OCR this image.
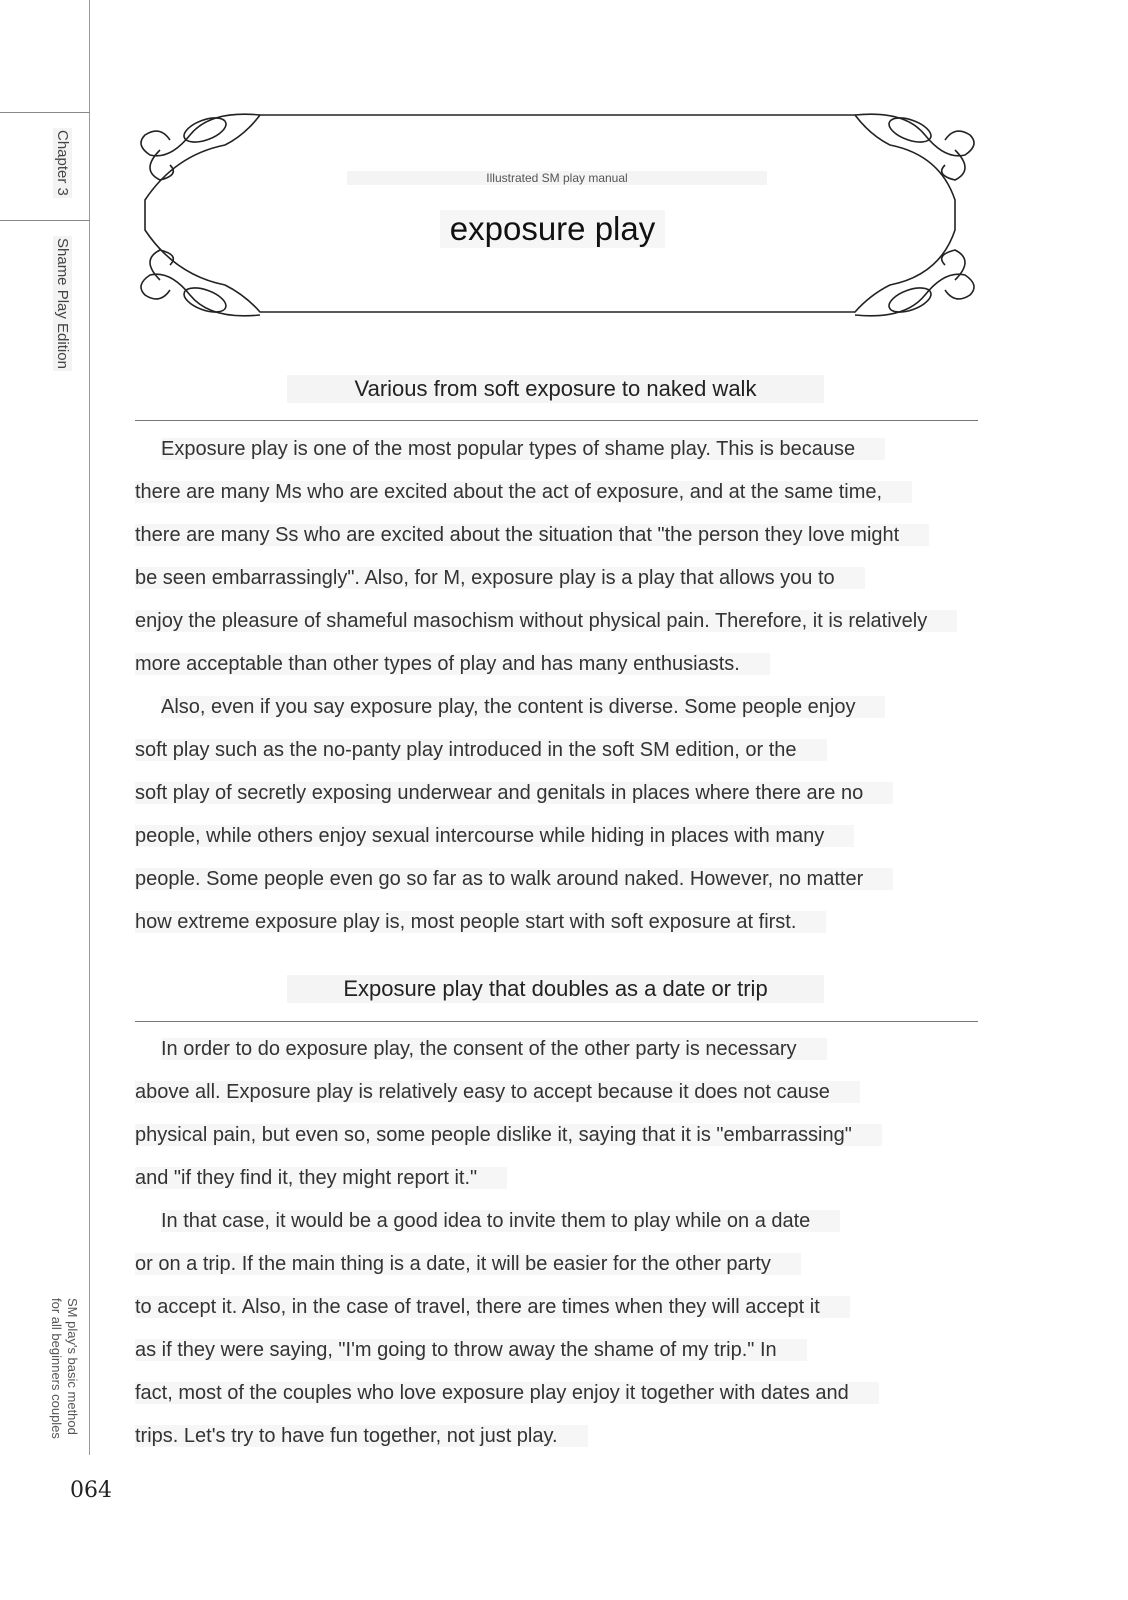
Chapter 3
Shame Play Edition
SM play's basic method
for all beginners couples
064
Illustrated SM play manual
exposure play
Various from soft exposure to naked walk
Exposure play is one of the most popular types of shame play. This is because
there are many Ms who are excited about the act of exposure, and at the same time,
there are many Ss who are excited about the situation that "the person they love might
be seen embarrassingly". Also, for M, exposure play is a play that allows you to
enjoy the pleasure of shameful masochism without physical pain. Therefore, it is relatively
more acceptable than other types of play and has many enthusiasts.
Also, even if you say exposure play, the content is diverse. Some people enjoy
soft play such as the no-panty play introduced in the soft SM edition, or the
soft play of secretly exposing underwear and genitals in places where there are no
people, while others enjoy sexual intercourse while hiding in places with many
people. Some people even go so far as to walk around naked. However, no matter
how extreme exposure play is, most people start with soft exposure at first.
Exposure play that doubles as a date or trip
In order to do exposure play, the consent of the other party is necessary
above all. Exposure play is relatively easy to accept because it does not cause
physical pain, but even so, some people dislike it, saying that it is "embarrassing"
and "if they find it, they might report it."
In that case, it would be a good idea to invite them to play while on a date
or on a trip. If the main thing is a date, it will be easier for the other party
to accept it. Also, in the case of travel, there are times when they will accept it
as if they were saying, "I'm going to throw away the shame of my trip." In
fact, most of the couples who love exposure play enjoy it together with dates and
trips. Let's try to have fun together, not just play.
